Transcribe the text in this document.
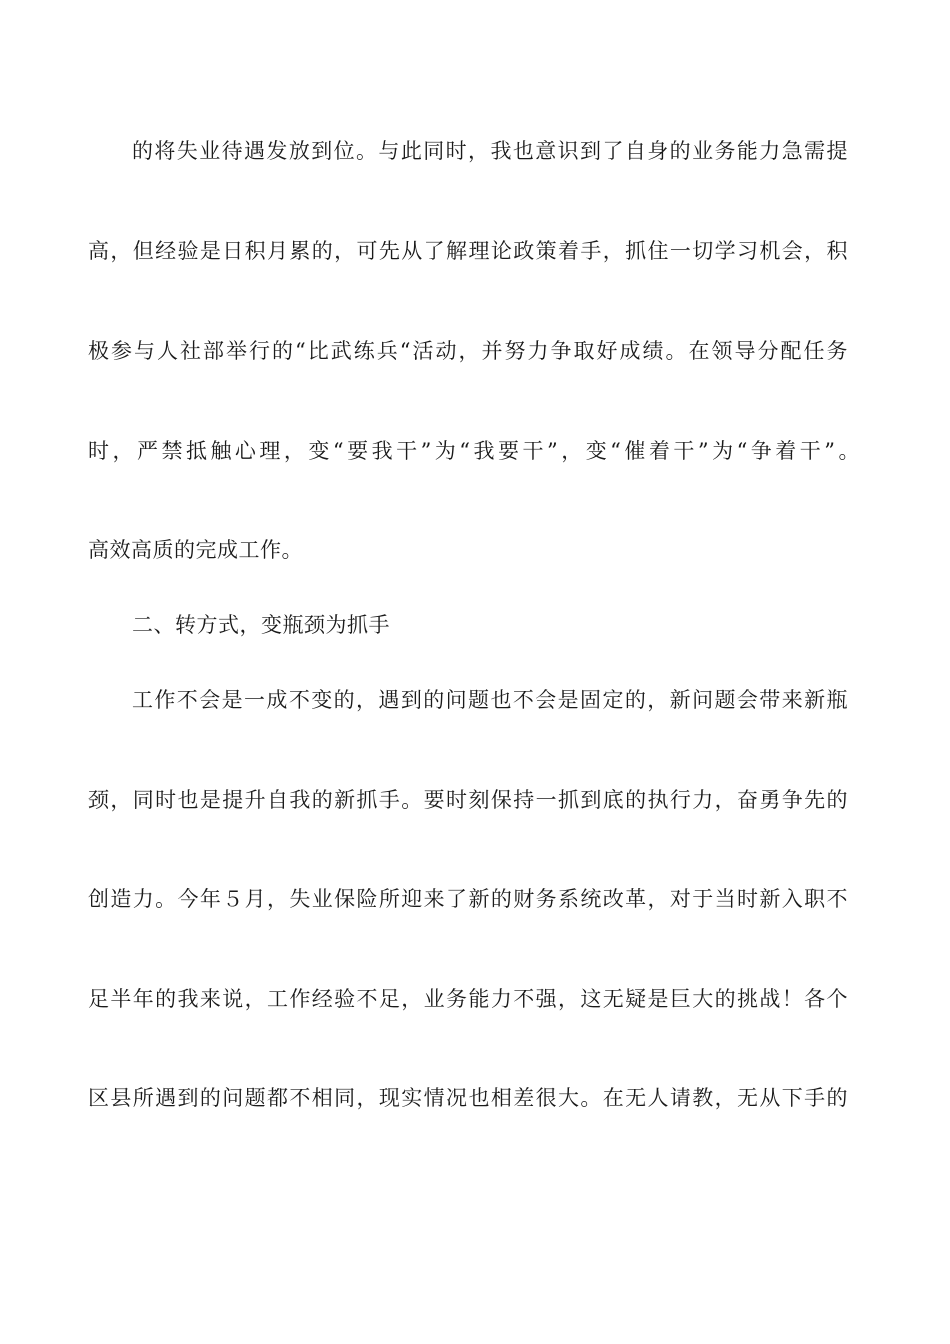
的将失业待遇发放到位。与此同时，我也意识到了自身的业务能力急需提
高，但经验是日积月累的，可先从了解理论政策着手，抓住一切学习机会，积
极参与人社部举行的“比武练兵“活动，并努力争取好成绩。在领导分配任务
时，严禁抵触心理，变“要我干”为“我要干”，变“催着干”为“争着干”。
高效高质的完成工作。
二、转方式，变瓶颈为抓手
工作不会是一成不变的，遇到的问题也不会是固定的，新问题会带来新瓶
颈，同时也是提升自我的新抓手。要时刻保持一抓到底的执行力，奋勇争先的
创造力。今年５月，失业保险所迎来了新的财务系统改革，对于当时新入职不
足半年的我来说，工作经验不足，业务能力不强，这无疑是巨大的挑战！各个
区县所遇到的问题都不相同，现实情况也相差很大。在无人请教，无从下手的
